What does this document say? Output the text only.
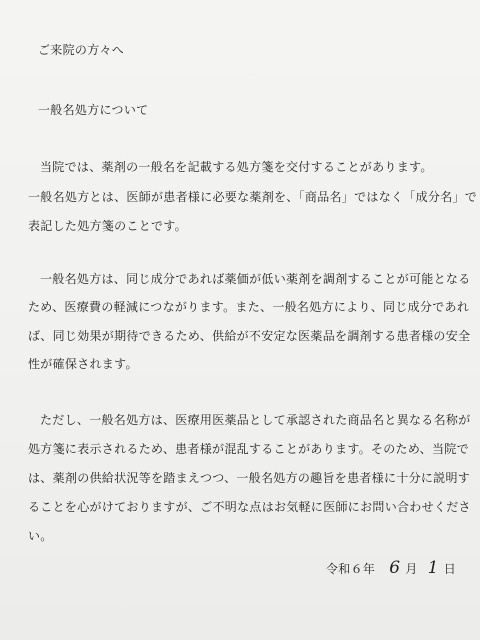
ご来院の方々へ

一般名処方について

当院では、薬剤の一般名を記載する処方箋を交付することがあります。

一般名処方とは、医師が患者様に必要な薬剤を、「商品名」ではなく「成分名」で

表記した処方箋のことです。

一般名処方は、同じ成分であれば薬価が低い薬剤を調剤することが可能となる

ため、医療費の軽減につながります。また、一般名処方により、同じ成分であれ

ば、同じ効果が期待できるため、供給が不安定な医薬品を調剤する患者様の安全

性が確保されます。

ただし、一般名処方は、医療用医薬品として承認された商品名と異なる名称が

処方箋に表示されるため、患者様が混乱することがあります。そのため、当院で

は、薬剤の供給状況等を踏まえつつ、一般名処方の趣旨を患者様に十分に説明す

ることを心がけておりますが、ご不明な点はお気軽に医師にお問い合わせくださ

い。

令和６年 6 月 1 日
